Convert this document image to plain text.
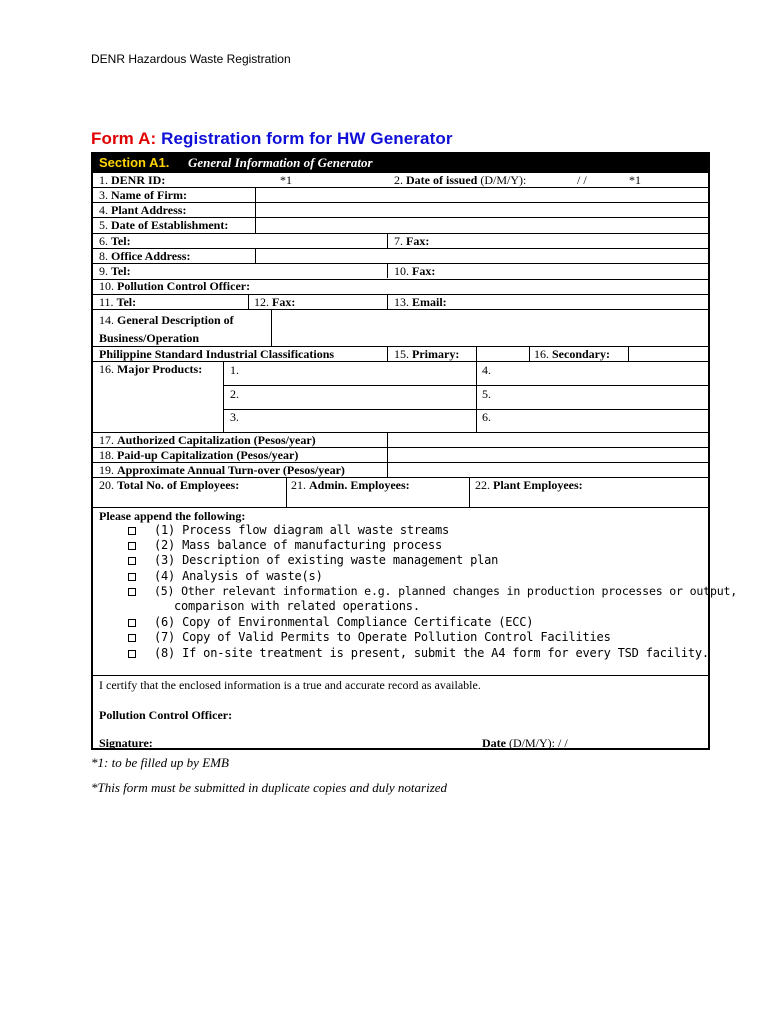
DENR Hazardous Waste Registration
Form A: Registration form for HW Generator
Section A1. General Information of Generator
1. DENR ID:	*1	2. Date of issued (D/M/Y):	/ /	*1
3. Name of Firm:
4. Plant Address:
5. Date of Establishment:
6. Tel:	7. Fax:
8. Office Address:
9. Tel:	10. Fax:
10. Pollution Control Officer:
11. Tel:	12. Fax:	13. Email:
14. General Description of
Business/Operation
Philippine Standard Industrial Classifications	15. Primary:	16. Secondary:
16. Major Products: 1.
2.
3.
4.
5.
6.
17. Authorized Capitalization (Pesos/year)
18. Paid-up Capitalization (Pesos/year)
19. Approximate Annual Turn-over (Pesos/year)
20. Total No. of Employees:	21. Admin. Employees:	22. Plant Employees:
Please append the following:
(1) Process flow diagram all waste streams
(2) Mass balance of manufacturing process
(3) Description of existing waste management plan
(4) Analysis of waste(s)
(5) Other relevant information e.g. planned changes in production processes or output,
comparison with related operations.
(6) Copy of Environmental Compliance Certificate (ECC)
(7) Copy of Valid Permits to Operate Pollution Control Facilities
(8) If on-site treatment is present, submit the A4 form for every TSD facility.
I certify that the enclosed information is a true and accurate record as available.
Pollution Control Officer:
Signature:	Date (D/M/Y): / /
*1: to be filled up by EMB
*This form must be submitted in duplicate copies and duly notarized
